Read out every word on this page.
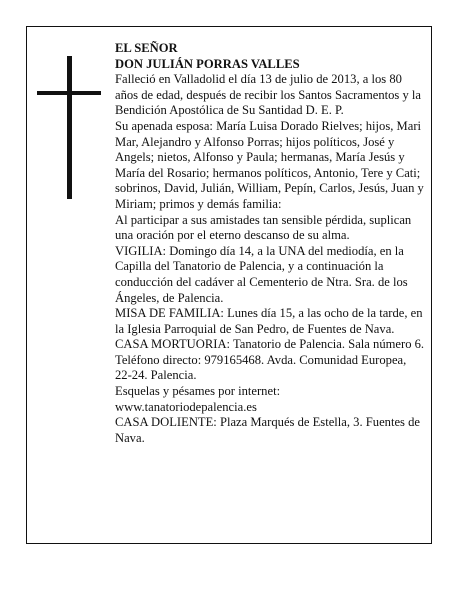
EL SEÑOR

DON JULIÁN PORRAS VALLES

Falleció en Valladolid el día 13 de julio de 2013, a los 80 años de edad, después de recibir los Santos Sacramentos y la Bendición Apostólica de Su Santidad D. E. P.

Su apenada esposa: María Luisa Dorado Rielves; hijos, Mari Mar, Alejandro y Alfonso Porras; hijos políticos, José y Angels; nietos, Alfonso y Paula; hermanas, María Jesús y María del Rosario; hermanos políticos, Antonio, Tere y Cati; sobrinos, David, Julián, William, Pepín, Carlos, Jesús, Juan y Miriam; primos y demás familia:

Al participar a sus amistades tan sensible pérdida, suplican una oración por el eterno descanso de su alma.

VIGILIA: Domingo día 14, a la UNA del mediodía, en la Capilla del Tanatorio de Palencia, y a continuación la conducción del cadáver al Cementerio de Ntra. Sra. de los Ángeles, de Palencia.

MISA DE FAMILIA: Lunes día 15, a las ocho de la tarde, en la Iglesia Parroquial de San Pedro, de Fuentes de Nava.

CASA MORTUORIA: Tanatorio de Palencia. Sala número 6. Teléfono directo: 979165468. Avda. Comunidad Europea, 22-24. Palencia.

Esquelas y pésames por internet: www.tanatoriodepalencia.es

CASA DOLIENTE: Plaza Marqués de Estella, 3. Fuentes de Nava.
